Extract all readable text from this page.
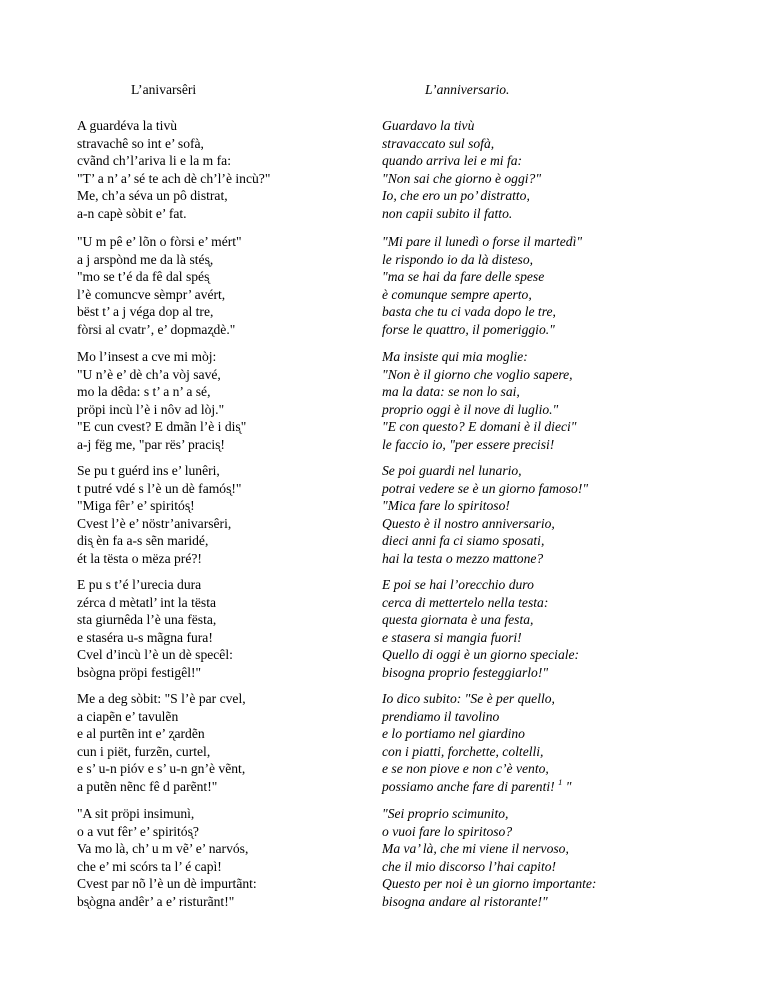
L’anivarsêri	L’anniversario.
A guardéva la tivù
stravachê so int e’ sofà,
cvãnd ch’l’ariva li e la m fa:
"T’ a n’ a’ sé te ach dè ch’l’è incù?"
Me, ch’a séva un pô distrat,
a-n capè sòbit e’ fat.
"U m pê e’ lõn o fòrsi e’ mért"
a j arspònd me da là stés̨,
"mo se t’é da fê dal spés̨
l’è comuncve sèmpr’ avért,
bëst t’ a j véga dop al tre,
fòrsi al cvatr’, e’ dopmaz̨dè."
Mo l’insest a cve mi mòj:
"U n’è e’ dè ch’a vòj savé,
mo la dêda: s t’ a n’ a sé,
pröpi incù l’è i nôv ad lòj."
"E cun cvest? E dmãn l’è i dis̨"
a-j fëg me, "par rës’ pracis̨!
Se pu t guérd ins e’ lunêri,
t putré vdé s l’è un dè famós̨!"
"Miga fêr’ e’ spiritós̨!
Cvest l’è e’ nöstr’anivarsêri,
dis̨ èn fa a-s sẽn maridé,
ét la tësta o mëza pré?!
E pu s t’é l’urecia dura
zérca d mètatl’ int la tësta
sta giurnêda l’è una fësta,
e staséra u-s mãgna fura!
Cvel d’incù l’è un dè specêl:
bsògna pröpi festigêl!"
Me a deg sòbit: "S l’è par cvel,
a ciapẽn e’ tavulẽn
e al purtẽn int e’ z̨ardẽn
cun i piët, furzẽn, curtel,
e s’ u-n pióv e s’ u-n gn’è vẽnt,
a putẽn nẽnc fê d parẽnt!"
"A sit pröpi insimunì,
o a vut fêr’ e’ spiritós̨?
Va mo là, ch’ u m vẽ’ e’ narvós,
che e’ mi scórs ta l’ é capì!
Cvest par nõ l’è un dè impurtãnt:
bs̨ògna andêr’ a e’ risturãnt!"
Guardavo la tivù
stravaccato sul sofà,
quando arriva lei e mi fa:
"Non sai che giorno è oggi?"
Io, che ero un po’ distratto,
non capii subito il fatto.
"Mi pare il lunedì o forse il martedì"
le rispondo io da là disteso,
"ma se hai da fare delle spese
è comunque sempre aperto,
basta che tu ci vada dopo le tre,
forse le quattro, il pomeriggio."
Ma insiste qui mia moglie:
"Non è il giorno che voglio sapere,
ma la data: se non lo sai,
proprio oggi è il nove di luglio."
"E con questo? E domani è il dieci"
le faccio io, "per essere precisi!
Se poi guardi nel lunario,
potrai vedere se è un giorno famoso!"
"Mica fare lo spiritoso!
Questo è il nostro anniversario,
dieci anni fa ci siamo sposati,
hai la testa o mezzo mattone?
E poi se hai l’orecchio duro
cerca di mettertelo nella testa:
questa giornata è una festa,
e stasera si mangia fuori!
Quello di oggi è un giorno speciale:
bisogna proprio festeggiarlo!"
Io dico subito: "Se è per quello,
prendiamo il tavolino
e lo portiamo nel giardino
con i piatti, forchette, coltelli,
e se non piove e non c’è vento,
possiamo anche fare di parenti! $^1$ "
"Sei proprio scimunito,
o vuoi fare lo spiritoso?
Ma va’ là, che mi viene il nervoso,
che il mio discorso l’hai capito!
Questo per noi è un giorno importante:
bisogna andare al ristorante!"
